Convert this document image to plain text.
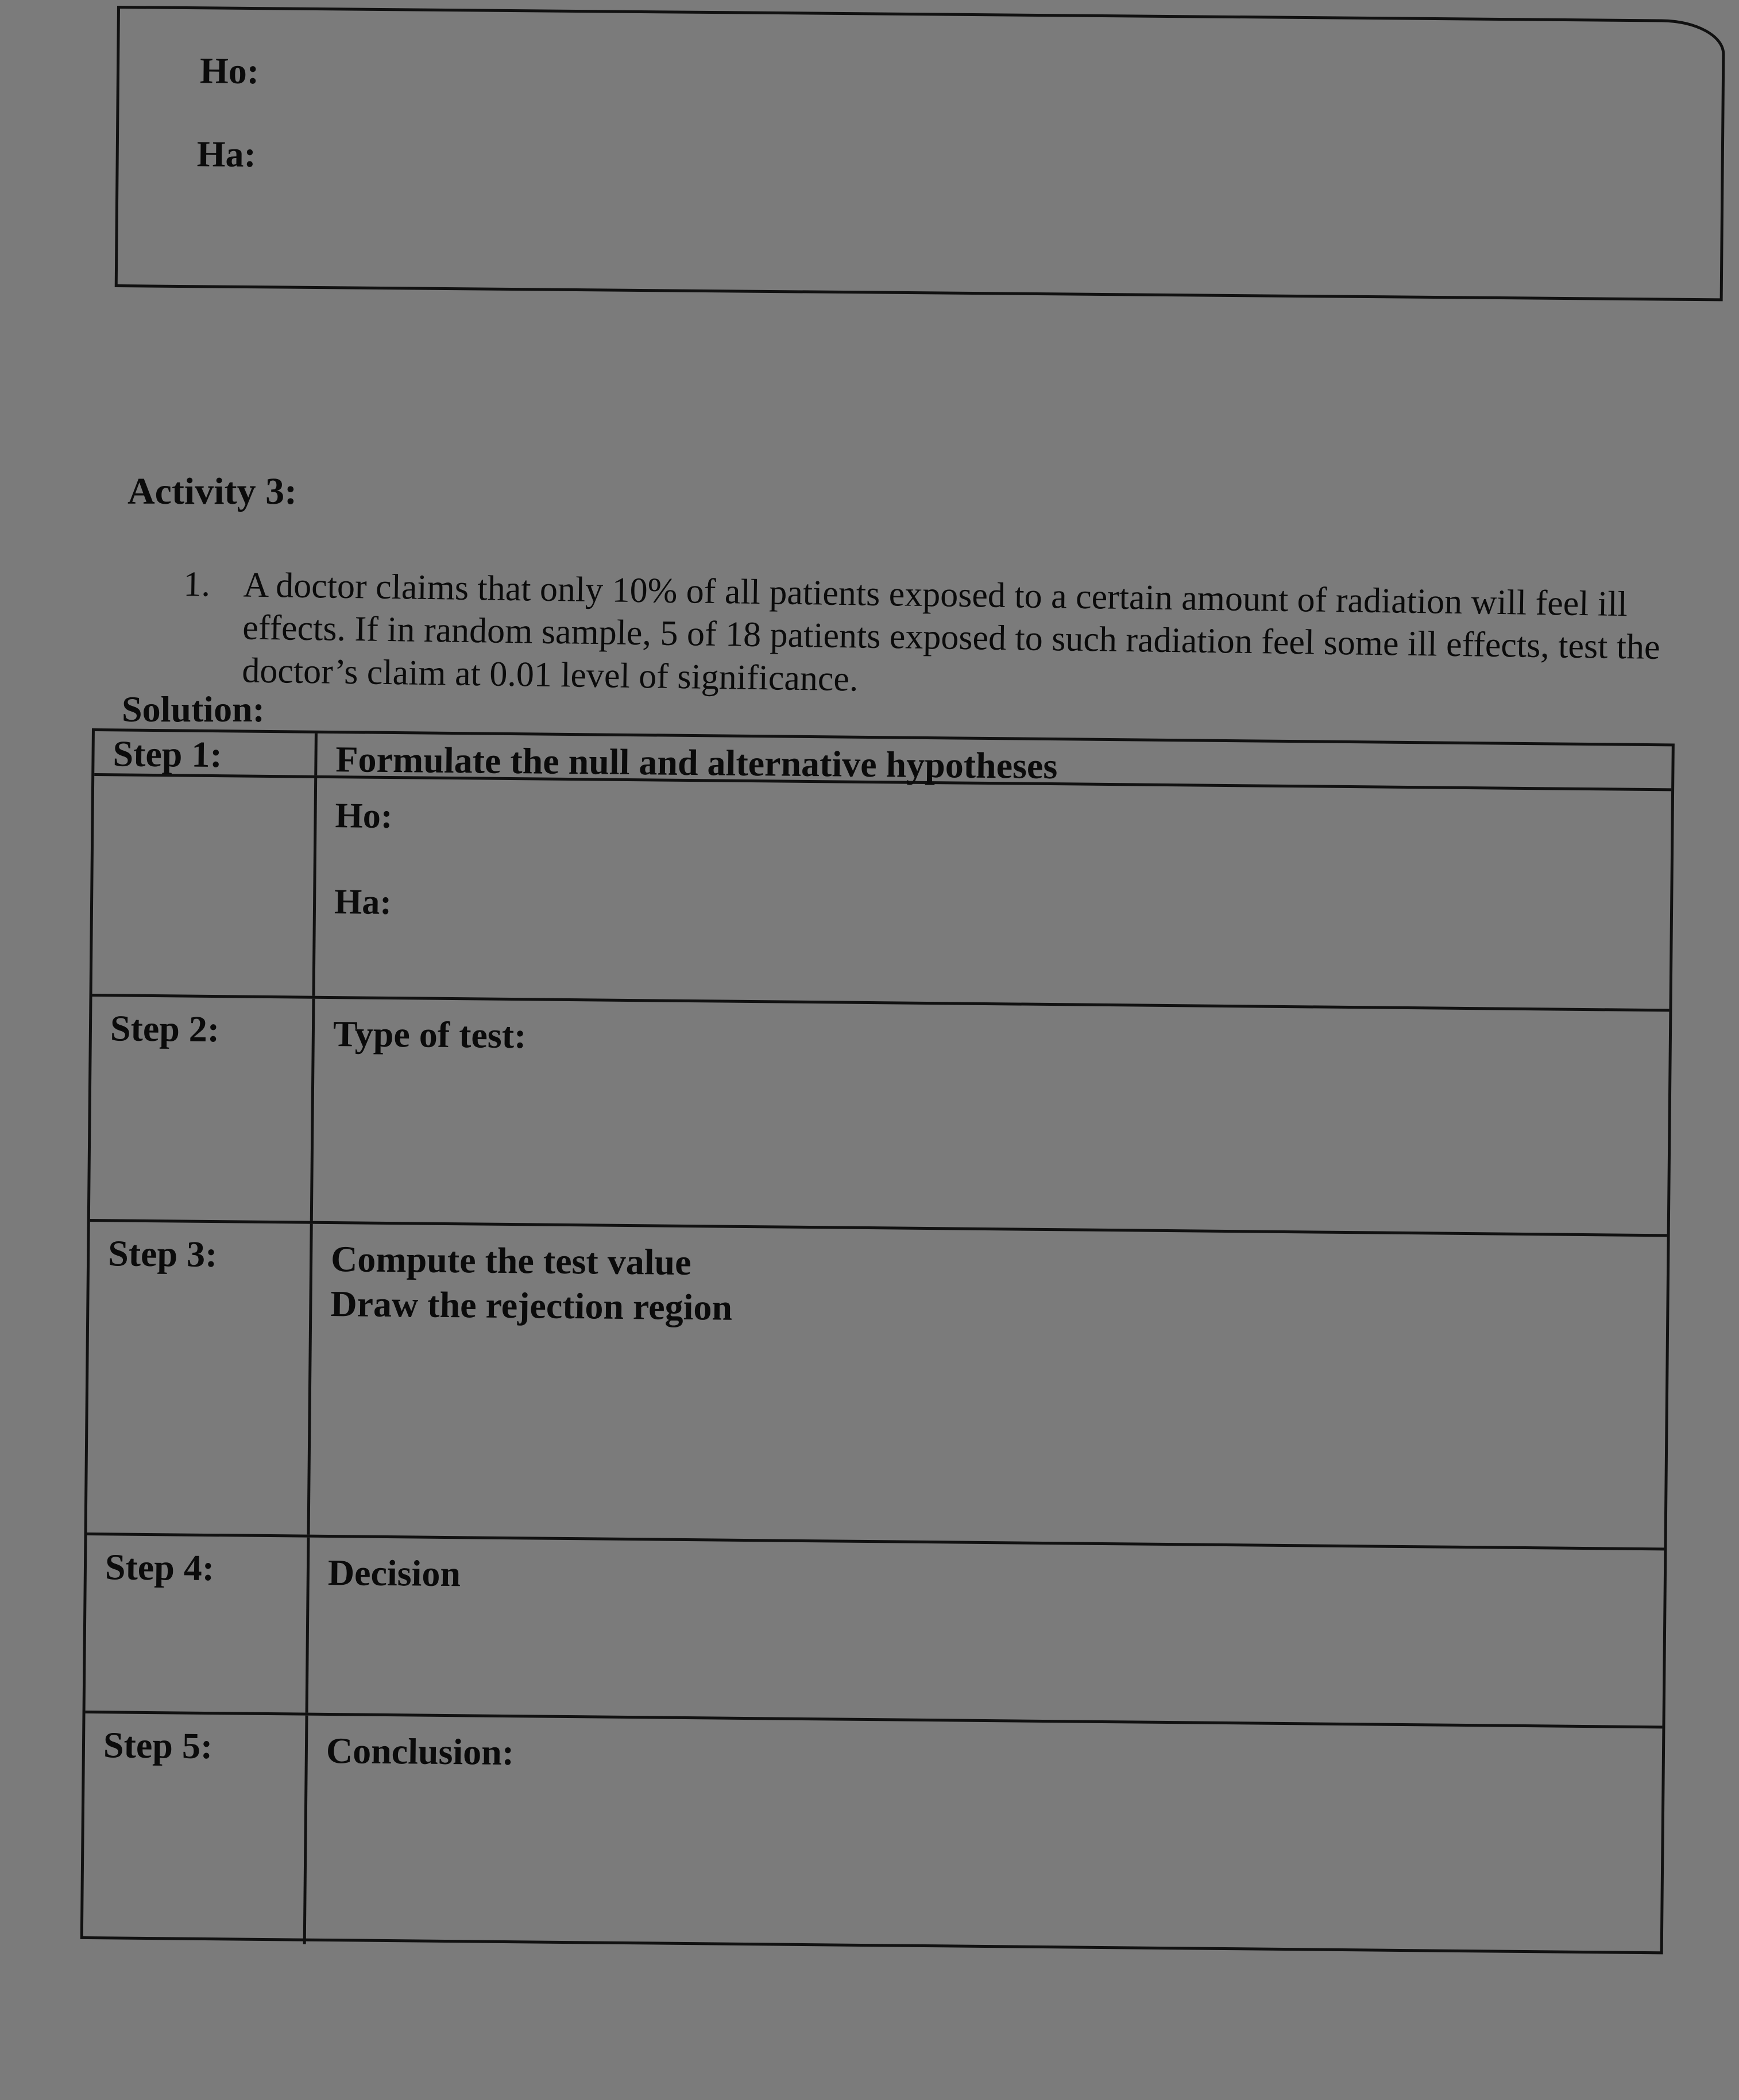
Ho:
Ha:
Activity 3:
1. A doctor claims that only 10% of all patients exposed to a certain amount of radiation will feel ill effects. If in random sample, 5 of 18 patients exposed to such radiation feel some ill effects, test the doctor’s claim at 0.01 level of significance.
Solution:
Step 1:	Formulate the null and alternative hypotheses
Ho:
Ha:
Step 2:	Type of test:
Step 3:	Compute the test value
Draw the rejection region
Step 4:	Decision
Step 5:	Conclusion:
